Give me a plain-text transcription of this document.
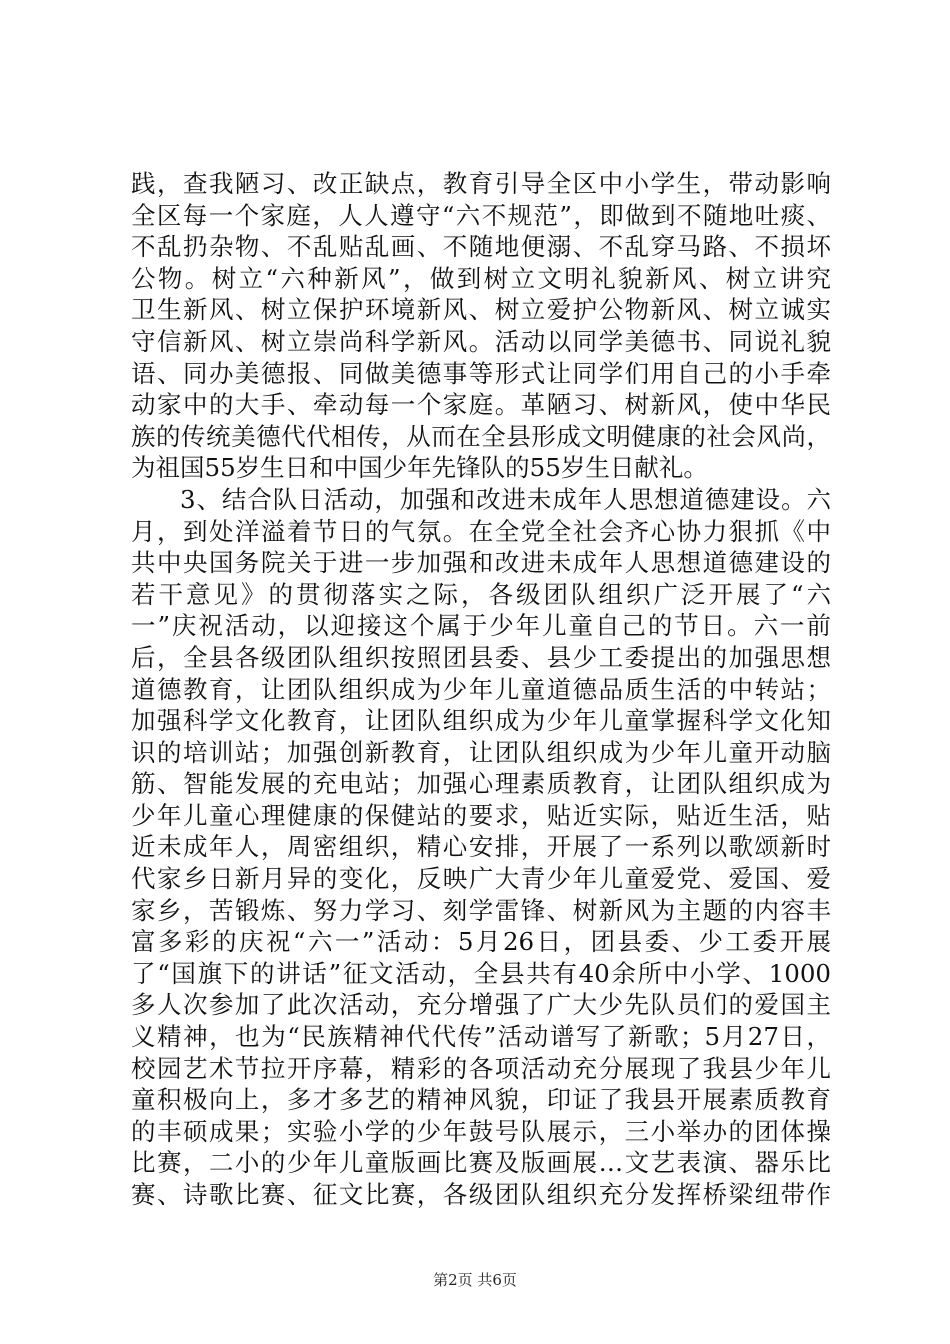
践，查我陋习、改正缺点，教育引导全区中小学生，带动影响
全区每一个家庭，人人遵守“六不规范”，即做到不随地吐痰、
不乱扔杂物、不乱贴乱画、不随地便溺、不乱穿马路、不损坏
公物。树立“六种新风”，做到树立文明礼貌新风、树立讲究
卫生新风、树立保护环境新风、树立爱护公物新风、树立诚实
守信新风、树立崇尚科学新风。活动以同学美德书、同说礼貌
语、同办美德报、同做美德事等形式让同学们用自己的小手牵
动家中的大手、牵动每一个家庭。革陋习、树新风，使中华民
族的传统美德代代相传，从而在全县形成文明健康的社会风尚，
为祖国55岁生日和中国少年先锋队的55岁生日献礼。
3、结合队日活动，加强和改进未成年人思想道德建设。六
月，到处洋溢着节日的气氛。在全党全社会齐心协力狠抓《中
共中央国务院关于进一步加强和改进未成年人思想道德建设的
若干意见》的贯彻落实之际，各级团队组织广泛开展了“六
一”庆祝活动，以迎接这个属于少年儿童自己的节日。六一前
后，全县各级团队组织按照团县委、县少工委提出的加强思想
道德教育，让团队组织成为少年儿童道德品质生活的中转站；
加强科学文化教育，让团队组织成为少年儿童掌握科学文化知
识的培训站；加强创新教育，让团队组织成为少年儿童开动脑
筋、智能发展的充电站；加强心理素质教育，让团队组织成为
少年儿童心理健康的保健站的要求，贴近实际，贴近生活，贴
近未成年人，周密组织，精心安排，开展了一系列以歌颂新时
代家乡日新月异的变化，反映广大青少年儿童爱党、爱国、爱
家乡，苦锻炼、努力学习、刻学雷锋、树新风为主题的内容丰
富多彩的庆祝“六一”活动：5月26日，团县委、少工委开展
了“国旗下的讲话”征文活动，全县共有40余所中小学、1000
多人次参加了此次活动，充分增强了广大少先队员们的爱国主
义精神，也为“民族精神代代传”活动谱写了新歌；5月27日，
校园艺术节拉开序幕，精彩的各项活动充分展现了我县少年儿
童积极向上，多才多艺的精神风貌，印证了我县开展素质教育
的丰硕成果；实验小学的少年鼓号队展示，三小举办的团体操
比赛，二小的少年儿童版画比赛及版画展…文艺表演、器乐比
赛、诗歌比赛、征文比赛，各级团队组织充分发挥桥梁纽带作
第2页 共6页
